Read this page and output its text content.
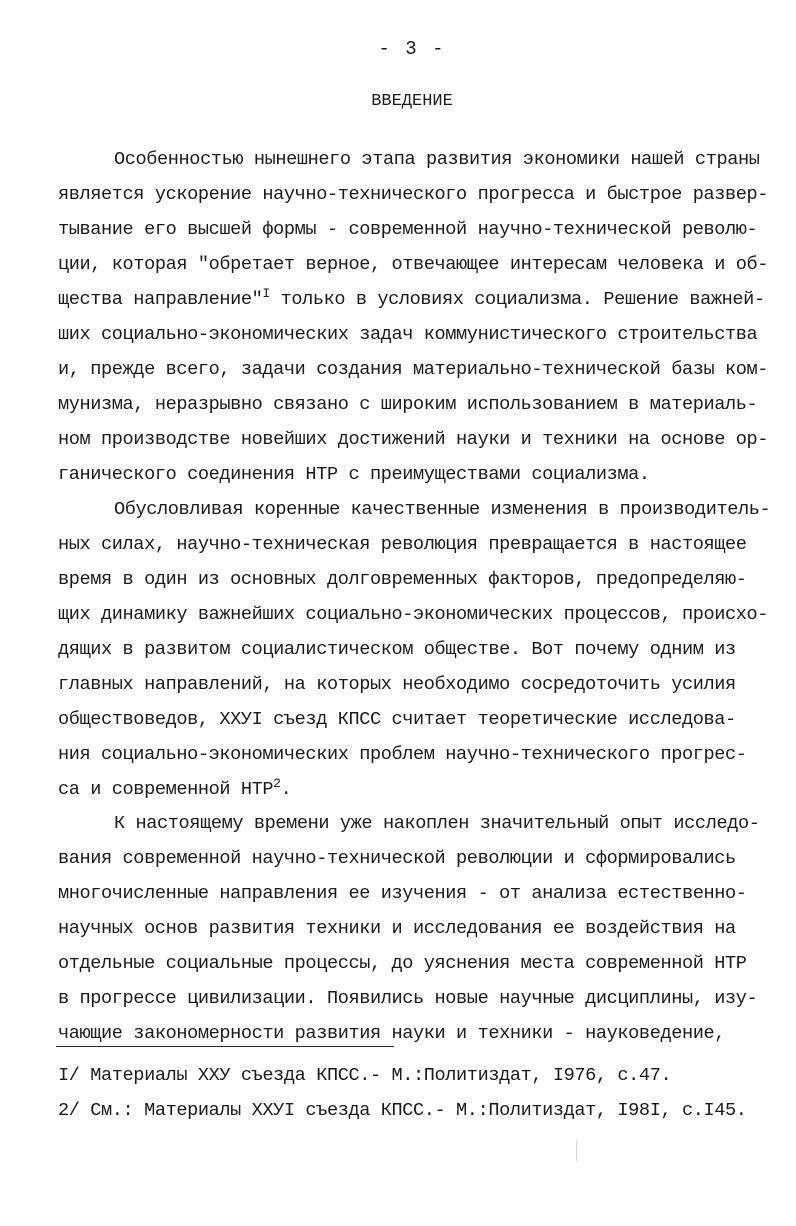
- 3 -
ВВЕДЕНИЕ
Особенностью нынешнего этапа развития экономики нашей страны
является ускорение научно-технического прогресса и быстрое развер-
тывание его высшей формы - современной научно-технической револю-
ции, которая "обретает верное, отвечающее интересам человека и об-
щества направление"$^I$ только в условиях социализма. Решение важней-
ших социально-экономических задач коммунистического строительства
и, прежде всего, задачи создания материально-технической базы ком-
мунизма, неразрывно связано с широким использованием в материаль-
ном производстве новейших достижений науки и техники на основе ор-
ганического соединения НТР с преимуществами социализма.
Обусловливая коренные качественные изменения в производитель-
ных силах, научно-техническая революция превращается в настоящее
время в один из основных долговременных факторов, предопределяю-
щих динамику важнейших социально-экономических процессов, происхо-
дящих в развитом социалистическом обществе. Вот почему одним из
главных направлений, на которых необходимо сосредоточить усилия
обществоведов, ХХУI съезд КПСС считает теоретические исследова-
ния социально-экономических проблем научно-технического прогрес-
са и современной НТР$^2$.
К настоящему времени уже накоплен значительный опыт исследо-
вания современной научно-технической революции и сформировались
многочисленные направления ее изучения - от анализа естественно-
научных основ развития техники и исследования ее воздействия на
отдельные социальные процессы, до уяснения места современной НТР
в прогрессе цивилизации. Появились новые научные дисциплины, изу-
чающие закономерности развития науки и техники - науковедение,
I/ Материалы ХХУ съезда КПСС.- М.:Политиздат, I976, с.47.
2/ См.: Материалы ХХУI съезда КПСС.- М.:Политиздат, I98I, с.I45.
